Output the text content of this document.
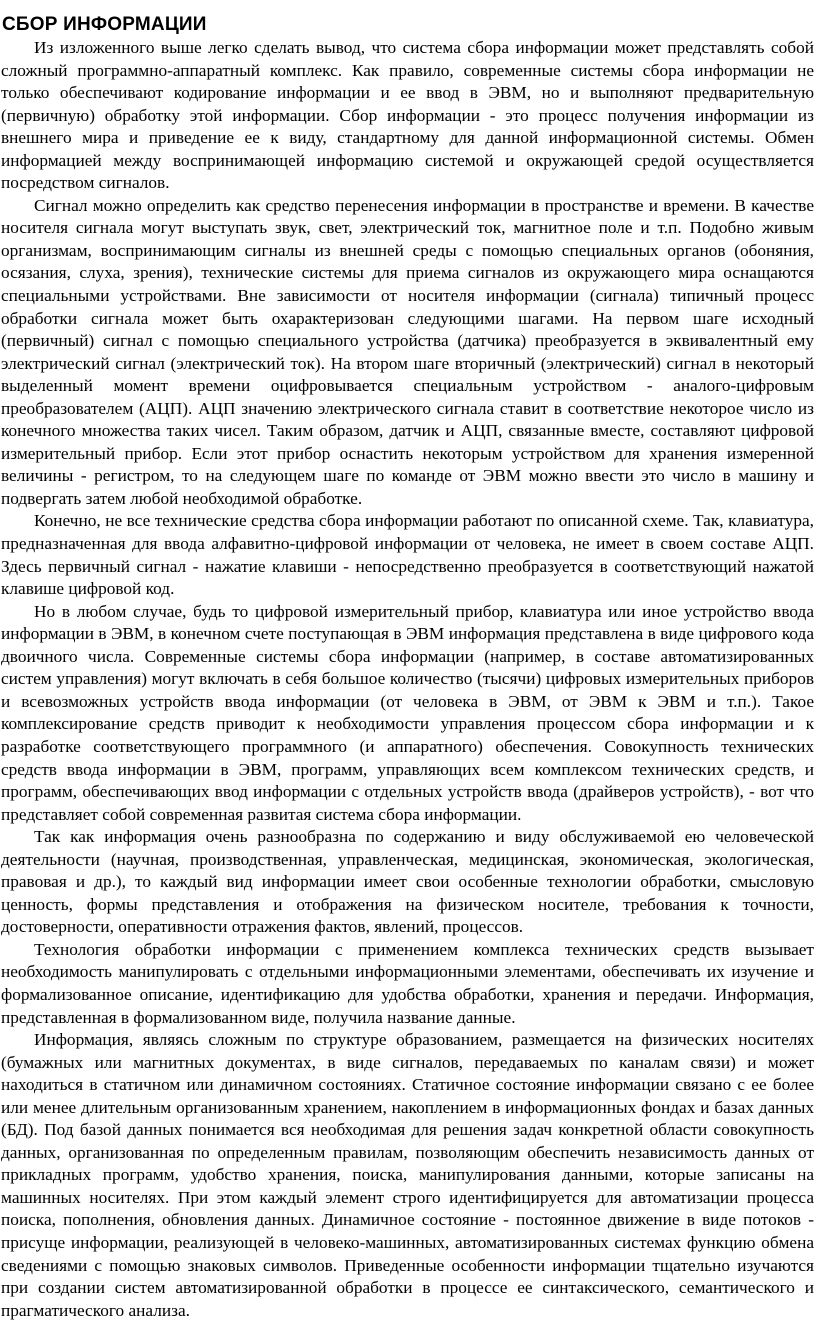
СБОР ИНФОРМАЦИИ

Из изложенного выше легко сделать вывод, что система сбора информации может представлять собой сложный программно-аппаратный комплекс. Как правило, современные системы сбора информации не только обеспечивают кодирование информации и ее ввод в ЭВМ, но и выполняют предварительную (первичную) обработку этой информации. Сбор информации - это процесс получения информации из внешнего мира и приведение ее к виду, стандартному для данной информационной системы. Обмен информацией между воспринимающей информацию системой и окружающей средой осуществляется посредством сигналов.

Сигнал можно определить как средство перенесения информации в пространстве и времени. В качестве носителя сигнала могут выступать звук, свет, электрический ток, магнитное поле и т.п. Подобно живым организмам, воспринимающим сигналы из внешней среды с помощью специальных органов (обоняния, осязания, слуха, зрения), технические системы для приема сигналов из окружающего мира оснащаются специальными устройствами. Вне зависимости от носителя информации (сигнала) типичный процесс обработки сигнала может быть охарактеризован следующими шагами. На первом шаге исходный (первичный) сигнал с помощью специального устройства (датчика) преобразуется в эквивалентный ему электрический сигнал (электрический ток). На втором шаге вторичный (электрический) сигнал в некоторый выделенный момент времени оцифровывается специальным устройством - аналого-цифровым преобразователем (АЦП). АЦП значению электрического сигнала ставит в соответствие некоторое число из конечного множества таких чисел. Таким образом, датчик и АЦП, связанные вместе, составляют цифровой измерительный прибор. Если этот прибор оснастить некоторым устройством для хранения измеренной величины - регистром, то на следующем шаге по команде от ЭВМ можно ввести это число в машину и подвергать затем любой необходимой обработке.

Конечно, не все технические средства сбора информации работают по описанной схеме. Так, клавиатура, предназначенная для ввода алфавитно-цифровой информации от человека, не имеет в своем составе АЦП. Здесь первичный сигнал - нажатие клавиши - непосредственно преобразуется в соответствующий нажатой клавише цифровой код.

Но в любом случае, будь то цифровой измерительный прибор, клавиатура или иное устройство ввода информации в ЭВМ, в конечном счете поступающая в ЭВМ информация представлена в виде цифрового кода двоичного числа. Современные системы сбора информации (например, в составе автоматизированных систем управления) могут включать в себя большое количество (тысячи) цифровых измерительных приборов и всевозможных устройств ввода информации (от человека в ЭВМ, от ЭВМ к ЭВМ и т.п.). Такое комплексирование средств приводит к необходимости управления процессом сбора информации и к разработке соответствующего программного (и аппаратного) обеспечения. Совокупность технических средств ввода информации в ЭВМ, программ, управляющих всем комплексом технических средств, и программ, обеспечивающих ввод информации с отдельных устройств ввода (драйверов устройств), - вот что представляет собой современная развитая система сбора информации.

Так как информация очень разнообразна по содержанию и виду обслуживаемой ею человеческой деятельности (научная, производственная, управленческая, медицинская, экономическая, экологическая, правовая и др.), то каждый вид информации имеет свои особенные технологии обработки, смысловую ценность, формы представления и отображения на физическом носителе, требования к точности, достоверности, оперативности отражения фактов, явлений, процессов.

Технология обработки информации с применением комплекса технических средств вызывает необходимость манипулировать с отдельными информационными элементами, обеспечивать их изучение и формализованное описание, идентификацию для удобства обработки, хранения и передачи. Информация, представленная в формализованном виде, получила название данные.

Информация, являясь сложным по структуре образованием, размещается на физических носителях (бумажных или магнитных документах, в виде сигналов, передаваемых по каналам связи) и может находиться в статичном или динамичном состояниях. Статичное состояние информации связано с ее более или менее длительным организованным хранением, накоплением в информационных фондах и базах данных (БД). Под базой данных понимается вся необходимая для решения задач конкретной области совокупность данных, организованная по определенным правилам, позволяющим обеспечить независимость данных от прикладных программ, удобство хранения, поиска, манипулирования данными, которые записаны на машинных носителях. При этом каждый элемент строго идентифицируется для автоматизации процесса поиска, пополнения, обновления данных. Динамичное состояние - постоянное движение в виде потоков - присуще информации, реализующей в человеко-машинных, автоматизированных системах функцию обмена сведениями с помощью знаковых символов. Приведенные особенности информации тщательно изучаются при создании систем автоматизированной обработки в процессе ее синтаксического, семантического и прагматического анализа.
